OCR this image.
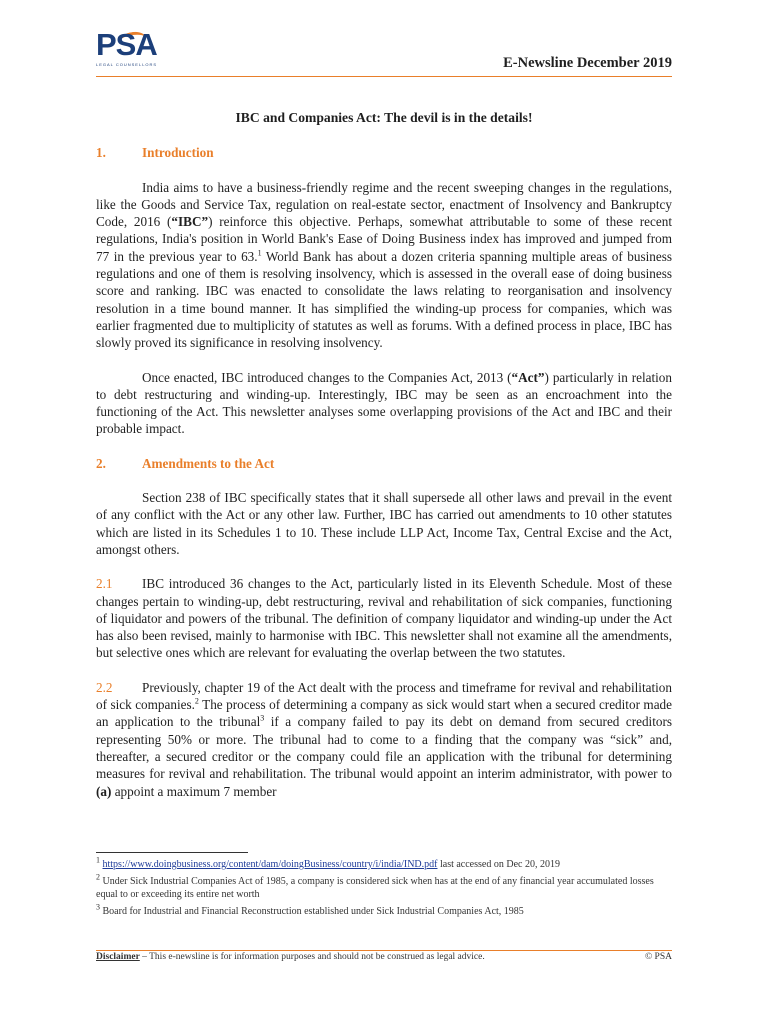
PSA
LEGAL COUNSELLORS	E-Newsline December 2019
IBC and Companies Act: The devil is in the details!
1.	Introduction

India aims to have a business-friendly regime and the recent sweeping changes in the regulations, like the Goods and Service Tax, regulation on real-estate sector, enactment of Insolvency and Bankruptcy Code, 2016 (“IBC”) reinforce this objective. Perhaps, somewhat attributable to some of these recent regulations, India's position in World Bank's Ease of Doing Business index has improved and jumped from 77 in the previous year to 63.$^1$ World Bank has about a dozen criteria spanning multiple areas of business regulations and one of them is resolving insolvency, which is assessed in the overall ease of doing business score and ranking. IBC was enacted to consolidate the laws relating to reorganisation and insolvency resolution in a time bound manner. It has simplified the winding-up process for companies, which was earlier fragmented due to multiplicity of statutes as well as forums. With a defined process in place, IBC has slowly proved its significance in resolving insolvency.

Once enacted, IBC introduced changes to the Companies Act, 2013 (“Act”) particularly in relation to debt restructuring and winding-up. Interestingly, IBC may be seen as an encroachment into the functioning of the Act. This newsletter analyses some overlapping provisions of the Act and IBC and their probable impact.

2.	Amendments to the Act

Section 238 of IBC specifically states that it shall supersede all other laws and prevail in the event of any conflict with the Act or any other law. Further, IBC has carried out amendments to 10 other statutes which are listed in its Schedules 1 to 10. These include LLP Act, Income Tax, Central Excise and the Act, amongst others.

2.1 IBC introduced 36 changes to the Act, particularly listed in its Eleventh Schedule. Most of these changes pertain to winding-up, debt restructuring, revival and rehabilitation of sick companies, functioning of liquidator and powers of the tribunal. The definition of company liquidator and winding-up under the Act has also been revised, mainly to harmonise with IBC. This newsletter shall not examine all the amendments, but selective ones which are relevant for evaluating the overlap between the two statutes.

2.2 Previously, chapter 19 of the Act dealt with the process and timeframe for revival and rehabilitation of sick companies.$^2$ The process of determining a company as sick would start when a secured creditor made an application to the tribunal$^3$ if a company failed to pay its debt on demand from secured creditors representing 50% or more. The tribunal had to come to a finding that the company was “sick” and, thereafter, a secured creditor or the company could file an application with the tribunal for determining measures for revival and rehabilitation. The tribunal would appoint an interim administrator, with power to (a) appoint a maximum 7 member

$^1$ https://www.doingbusiness.org/content/dam/doingBusiness/country/i/india/IND.pdf last accessed on Dec 20, 2019
$^2$ Under Sick Industrial Companies Act of 1985, a company is considered sick when has at the end of any financial year accumulated losses equal to or exceeding its entire net worth
$^3$ Board for Industrial and Financial Reconstruction established under Sick Industrial Companies Act, 1985
Disclaimer – This e-newsline is for information purposes and should not be construed as legal advice.	© PSA
